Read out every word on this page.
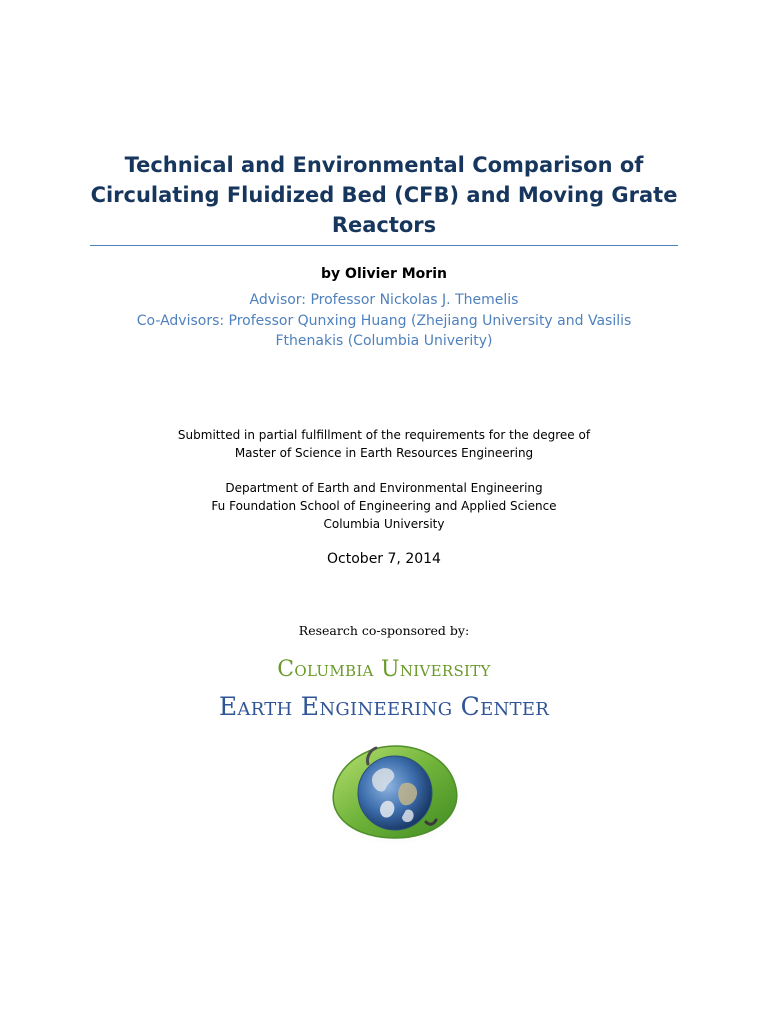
Technical and Environmental Comparison of
Circulating Fluidized Bed (CFB) and Moving Grate
Reactors
by Olivier Morin
Advisor: Professor Nickolas J. Themelis
Co-Advisors: Professor Qunxing Huang (Zhejiang University and Vasilis
Fthenakis (Columbia Univerity)
Submitted in partial fulfillment of the requirements for the degree of
Master of Science in Earth Resources Engineering
Department of Earth and Environmental Engineering
Fu Foundation School of Engineering and Applied Science
Columbia University
October 7, 2014
Research co-sponsored by:
Columbia University
Earth Engineering Center
